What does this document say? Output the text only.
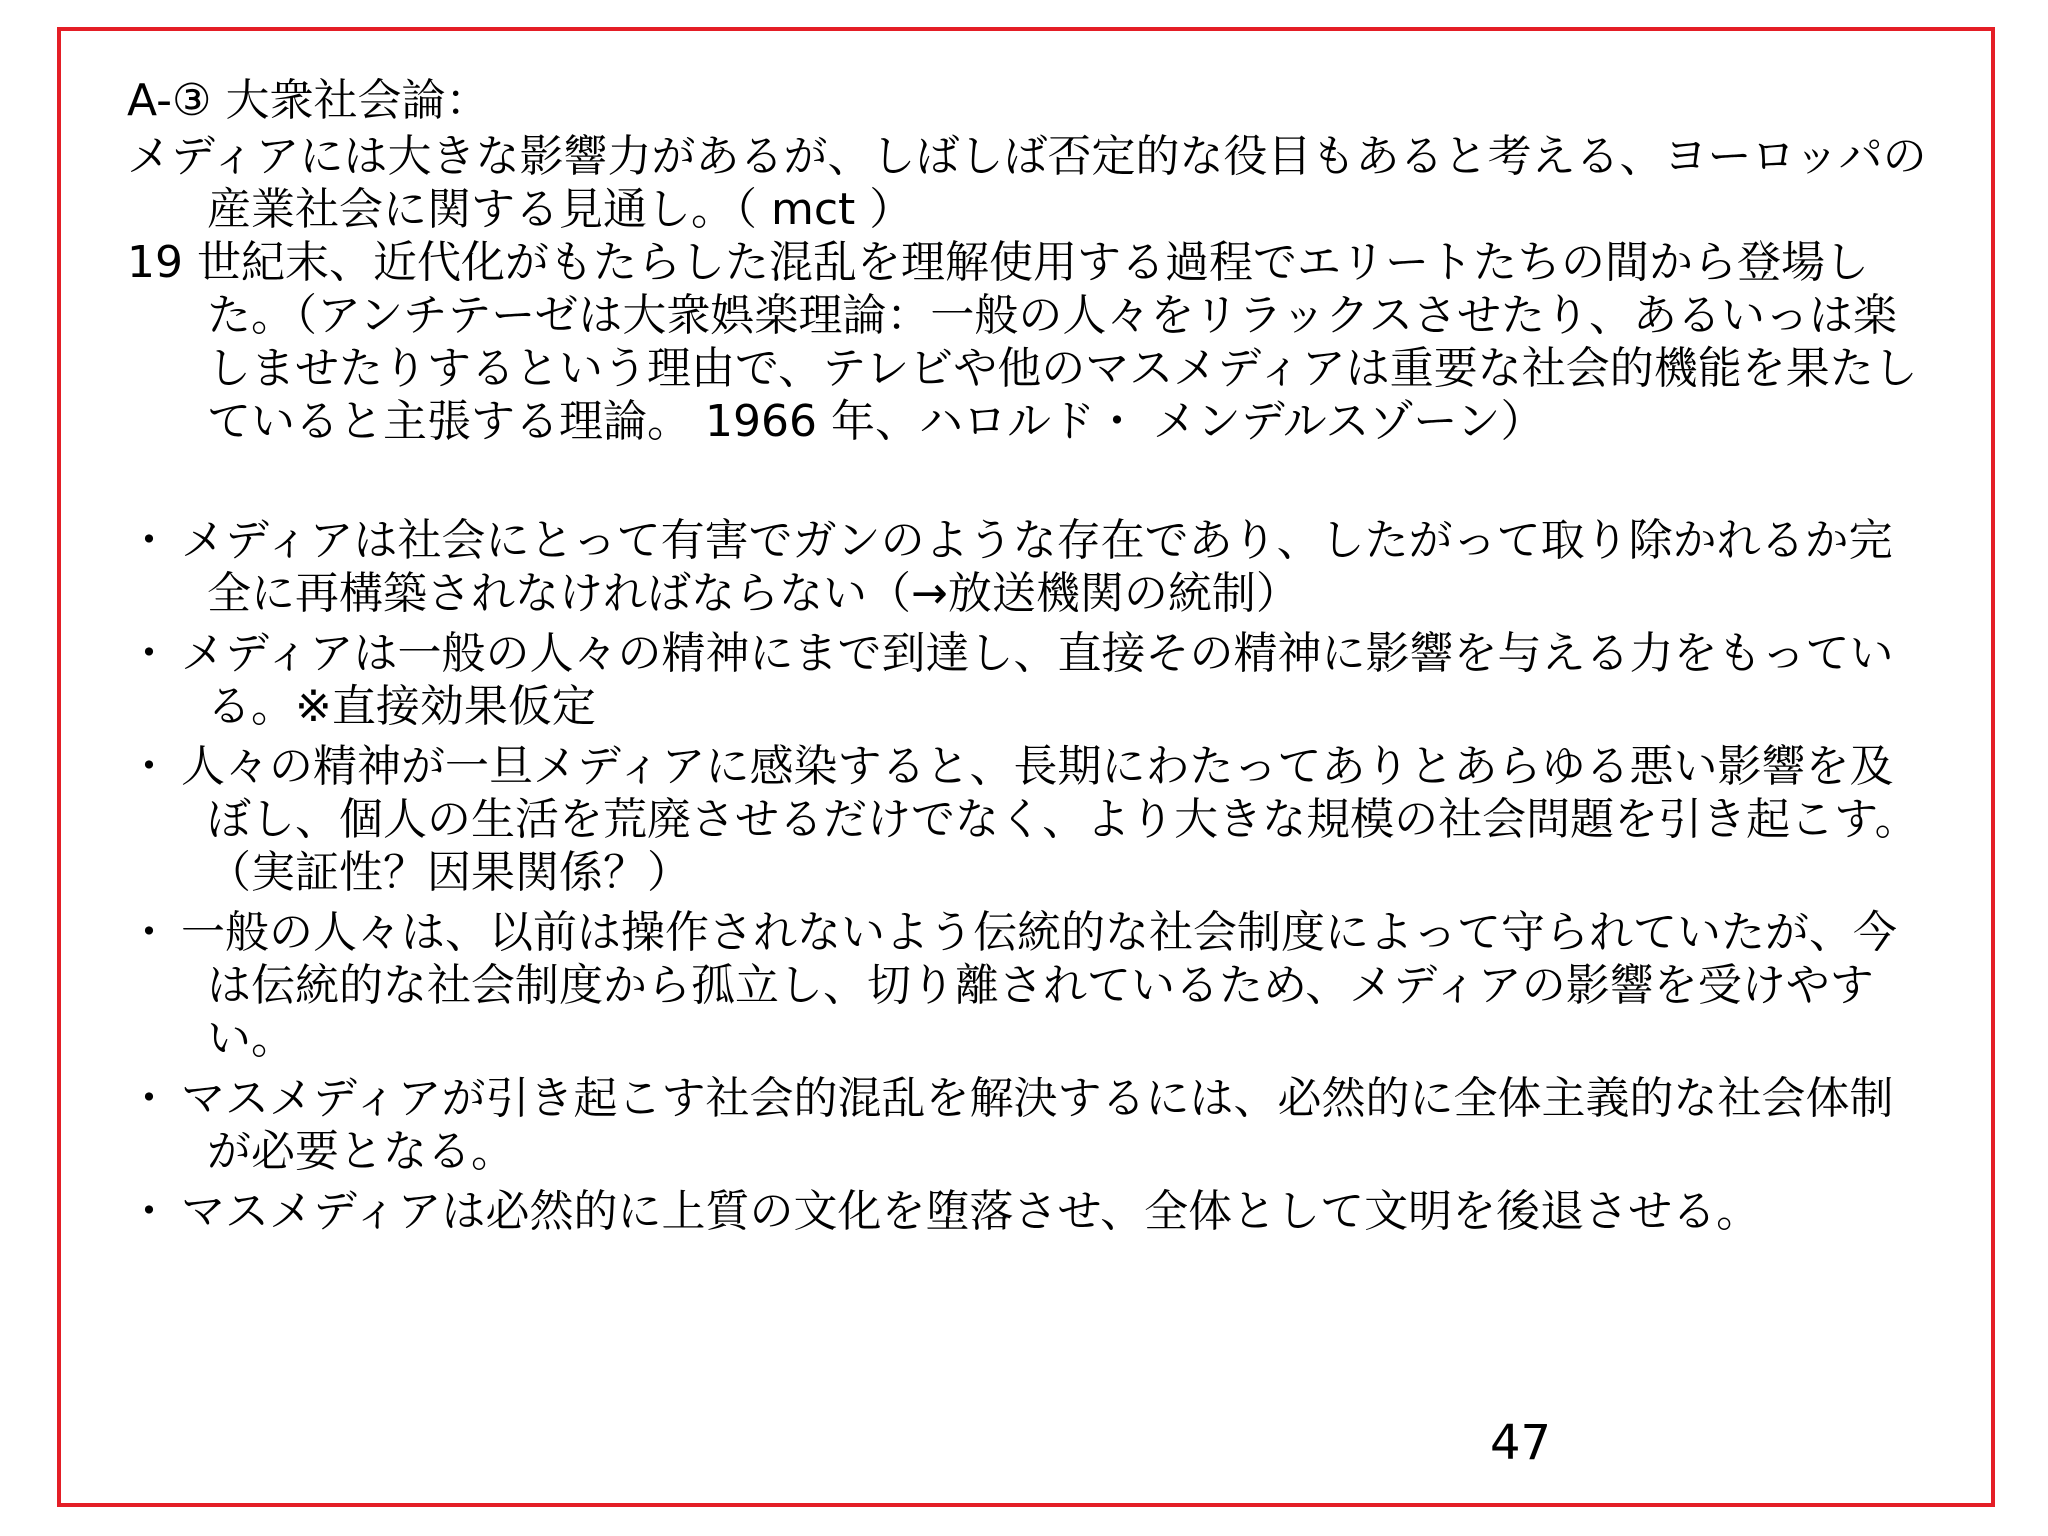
A-③ 大衆社会論：

メディアには大きな影響力があるが、しばしば否定的な役目もあると考える、ヨーロッパの産業社会に関する見通し。（ mct ）

19 世紀末、近代化がもたらした混乱を理解使用する過程でエリートたちの間から登場した。（アンチテーゼは大衆娯楽理論：一般の人々をリラックスさせたり、あるいっは楽しませたりするという理由で、テレビや他のマスメディアは重要な社会的機能を果たしていると主張する理論。 1966 年、ハロルド・ メンデルスゾーン）

・ メディアは社会にとって有害でガンのような存在であり、したがって取り除かれるか完全に再構築されなければならない（→放送機関の統制）
・ メディアは一般の人々の精神にまで到達し、直接その精神に影響を与える力をもっている。※直接効果仮定
・ 人々の精神が一旦メディアに感染すると、長期にわたってありとあらゆる悪い影響を及ぼし、個人の生活を荒廃させるだけでなく、より大きな規模の社会問題を引き起こす。（実証性？因果関係？）
・ 一般の人々は、以前は操作されないよう伝統的な社会制度によって守られていたが、今は伝統的な社会制度から孤立し、切り離されているため、メディアの影響を受けやすい。
・ マスメディアが引き起こす社会的混乱を解決するには、必然的に全体主義的な社会体制が必要となる。
・ マスメディアは必然的に上質の文化を堕落させ、全体として文明を後退させる。
47
